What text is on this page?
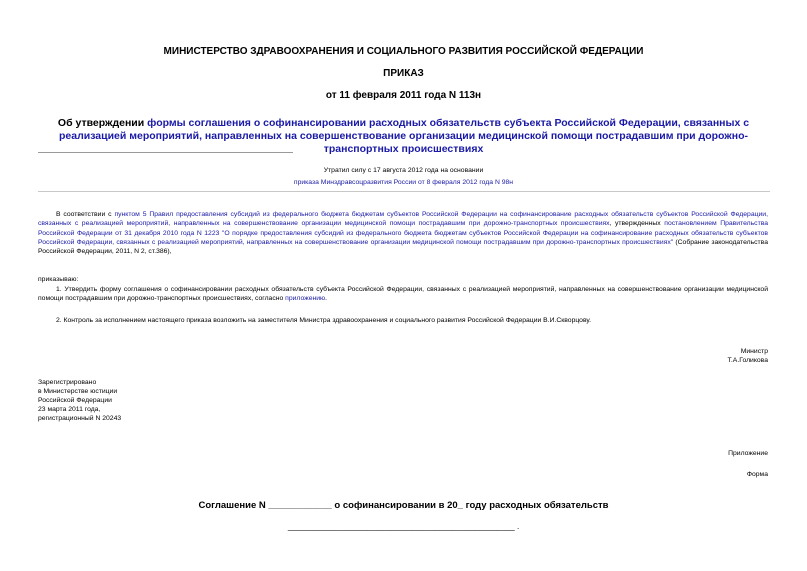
МИНИСТЕРСТВО ЗДРАВООХРАНЕНИЯ И СОЦИАЛЬНОГО РАЗВИТИЯ РОССИЙСКОЙ ФЕДЕРАЦИИ
ПРИКАЗ
от 11 февраля 2011 года N 113н
Об утверждении формы соглашения о софинансировании расходных обязательств субъекта Российской Федерации, связанных с реализацией мероприятий, направленных на совершенствование организации медицинской помощи пострадавшим при дорожно-транспортных происшествиях
Утратил силу с 17 августа 2012 года на основании
приказа Минздравсоцразвития России от 8 февраля 2012 года N 98н
В соответствии с пунктом 5 Правил предоставления субсидий из федерального бюджета бюджетам субъектов Российской Федерации на софинансирование расходных обязательств субъектов Российской Федерации, связанных с реализацией мероприятий, направленных на совершенствование организации медицинской помощи пострадавшим при дорожно-транспортных происшествиях, утвержденных постановлением Правительства Российской Федерации от 31 декабря 2010 года N 1223 "О порядке предоставления субсидий из федерального бюджета бюджетам субъектов Российской Федерации на софинансирование расходных обязательств субъектов Российской Федерации, связанных с реализацией мероприятий, направленных на совершенствование организации медицинской помощи пострадавшим при дорожно-транспортных происшествиях" (Собрание законодательства Российской Федерации, 2011, N 2, ст.386),
приказываю:
1. Утвердить форму соглашения о софинансировании расходных обязательств субъекта Российской Федерации, связанных с реализацией мероприятий, направленных на совершенствование организации медицинской помощи пострадавшим при дорожно-транспортных происшествиях, согласно приложению.
2. Контроль за исполнением настоящего приказа возложить на заместителя Министра здравоохранения и социального развития Российской Федерации В.И.Скворцову.
Министр
Т.А.Голикова
Зарегистрировано
в Министерстве юстиции
Российской Федерации
23 марта 2011 года,
регистрационный N 20243
Приложение
Форма
Соглашение N ____________ о софинансировании в 20_ году расходных обязательств
___________________________________________________ .
